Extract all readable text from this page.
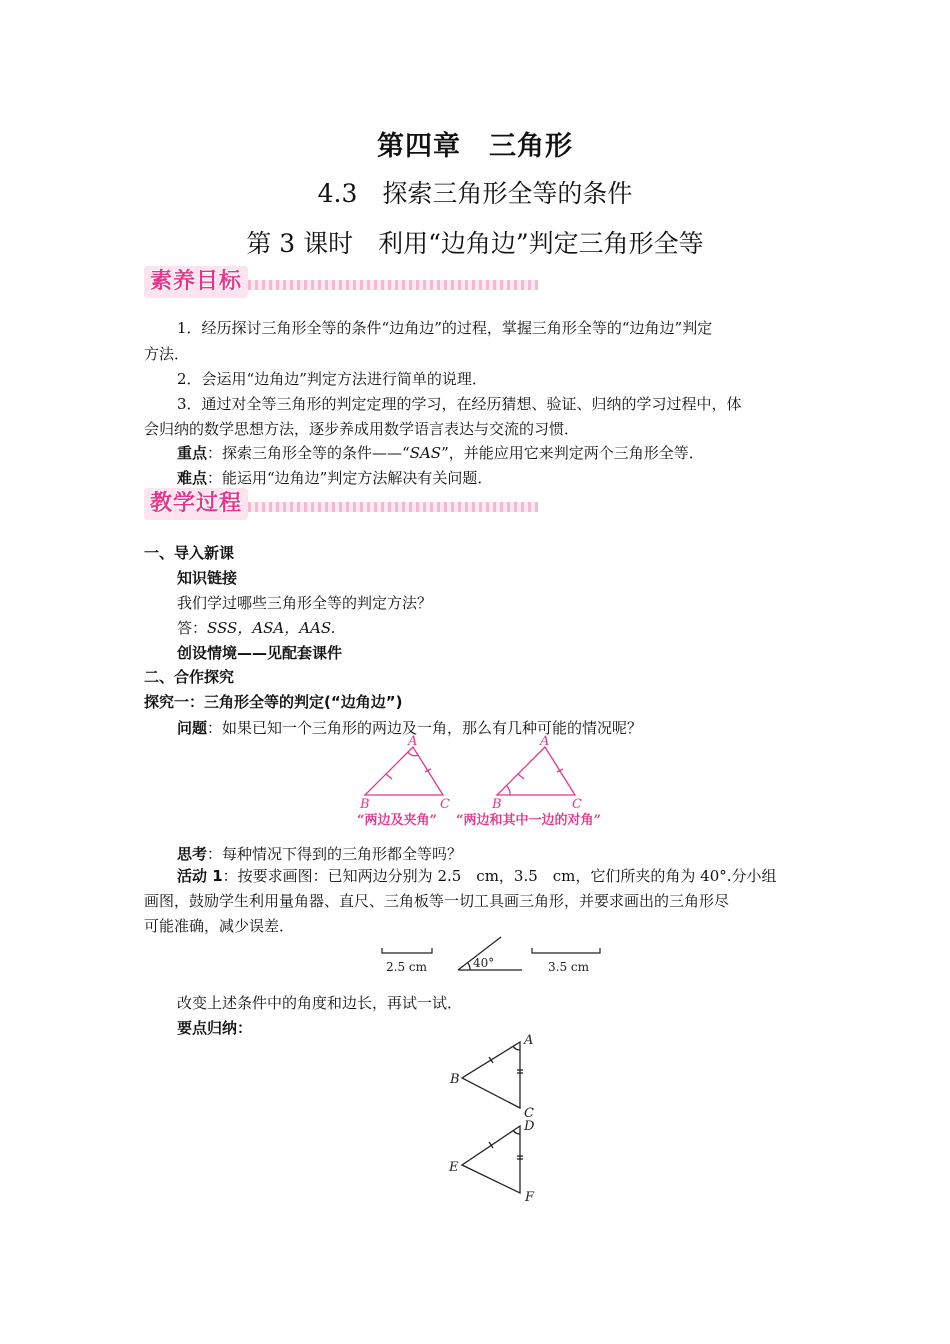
第四章　三角形
4.3　探索三角形全等的条件
第 3 课时　利用“边角边”判定三角形全等
素养目标
1．经历探讨三角形全等的条件“边角边”的过程，掌握三角形全等的“边角边”判定
方法．
2．会运用“边角边”判定方法进行简单的说理．
3．通过对全等三角形的判定定理的学习，在经历猜想、验证、归纳的学习过程中，体
会归纳的数学思想方法，逐步养成用数学语言表达与交流的习惯．
重点：探索三角形全等的条件——“SAS”，并能应用它来判定两个三角形全等．
难点：能运用“边角边”判定方法解决有关问题．
教学过程
一、导入新课
知识链接
我们学过哪些三角形全等的判定方法？
答：SSS，ASA，AAS.
创设情境——见配套课件
二、合作探究
探究一：三角形全等的判定(“边角边”)
问题：如果已知一个三角形的两边及一角，那么有几种可能的情况呢？
A
B	C
A
B	C
“两边及夹角” “两边和其中一边的对角”
思考：每种情况下得到的三角形都全等吗？
活动 1：按要求画图：已知两边分别为 2.5　cm，3.5　cm，它们所夹的角为 40°.分小组
画图，鼓励学生利用量角器、直尺、三角板等一切工具画三角形，并要求画出的三角形尽
可能准确，减少误差．
2.5 cm	40°	3.5 cm
改变上述条件中的角度和边长，再试一试．
要点归纳：
A
B
C
D
E
F
